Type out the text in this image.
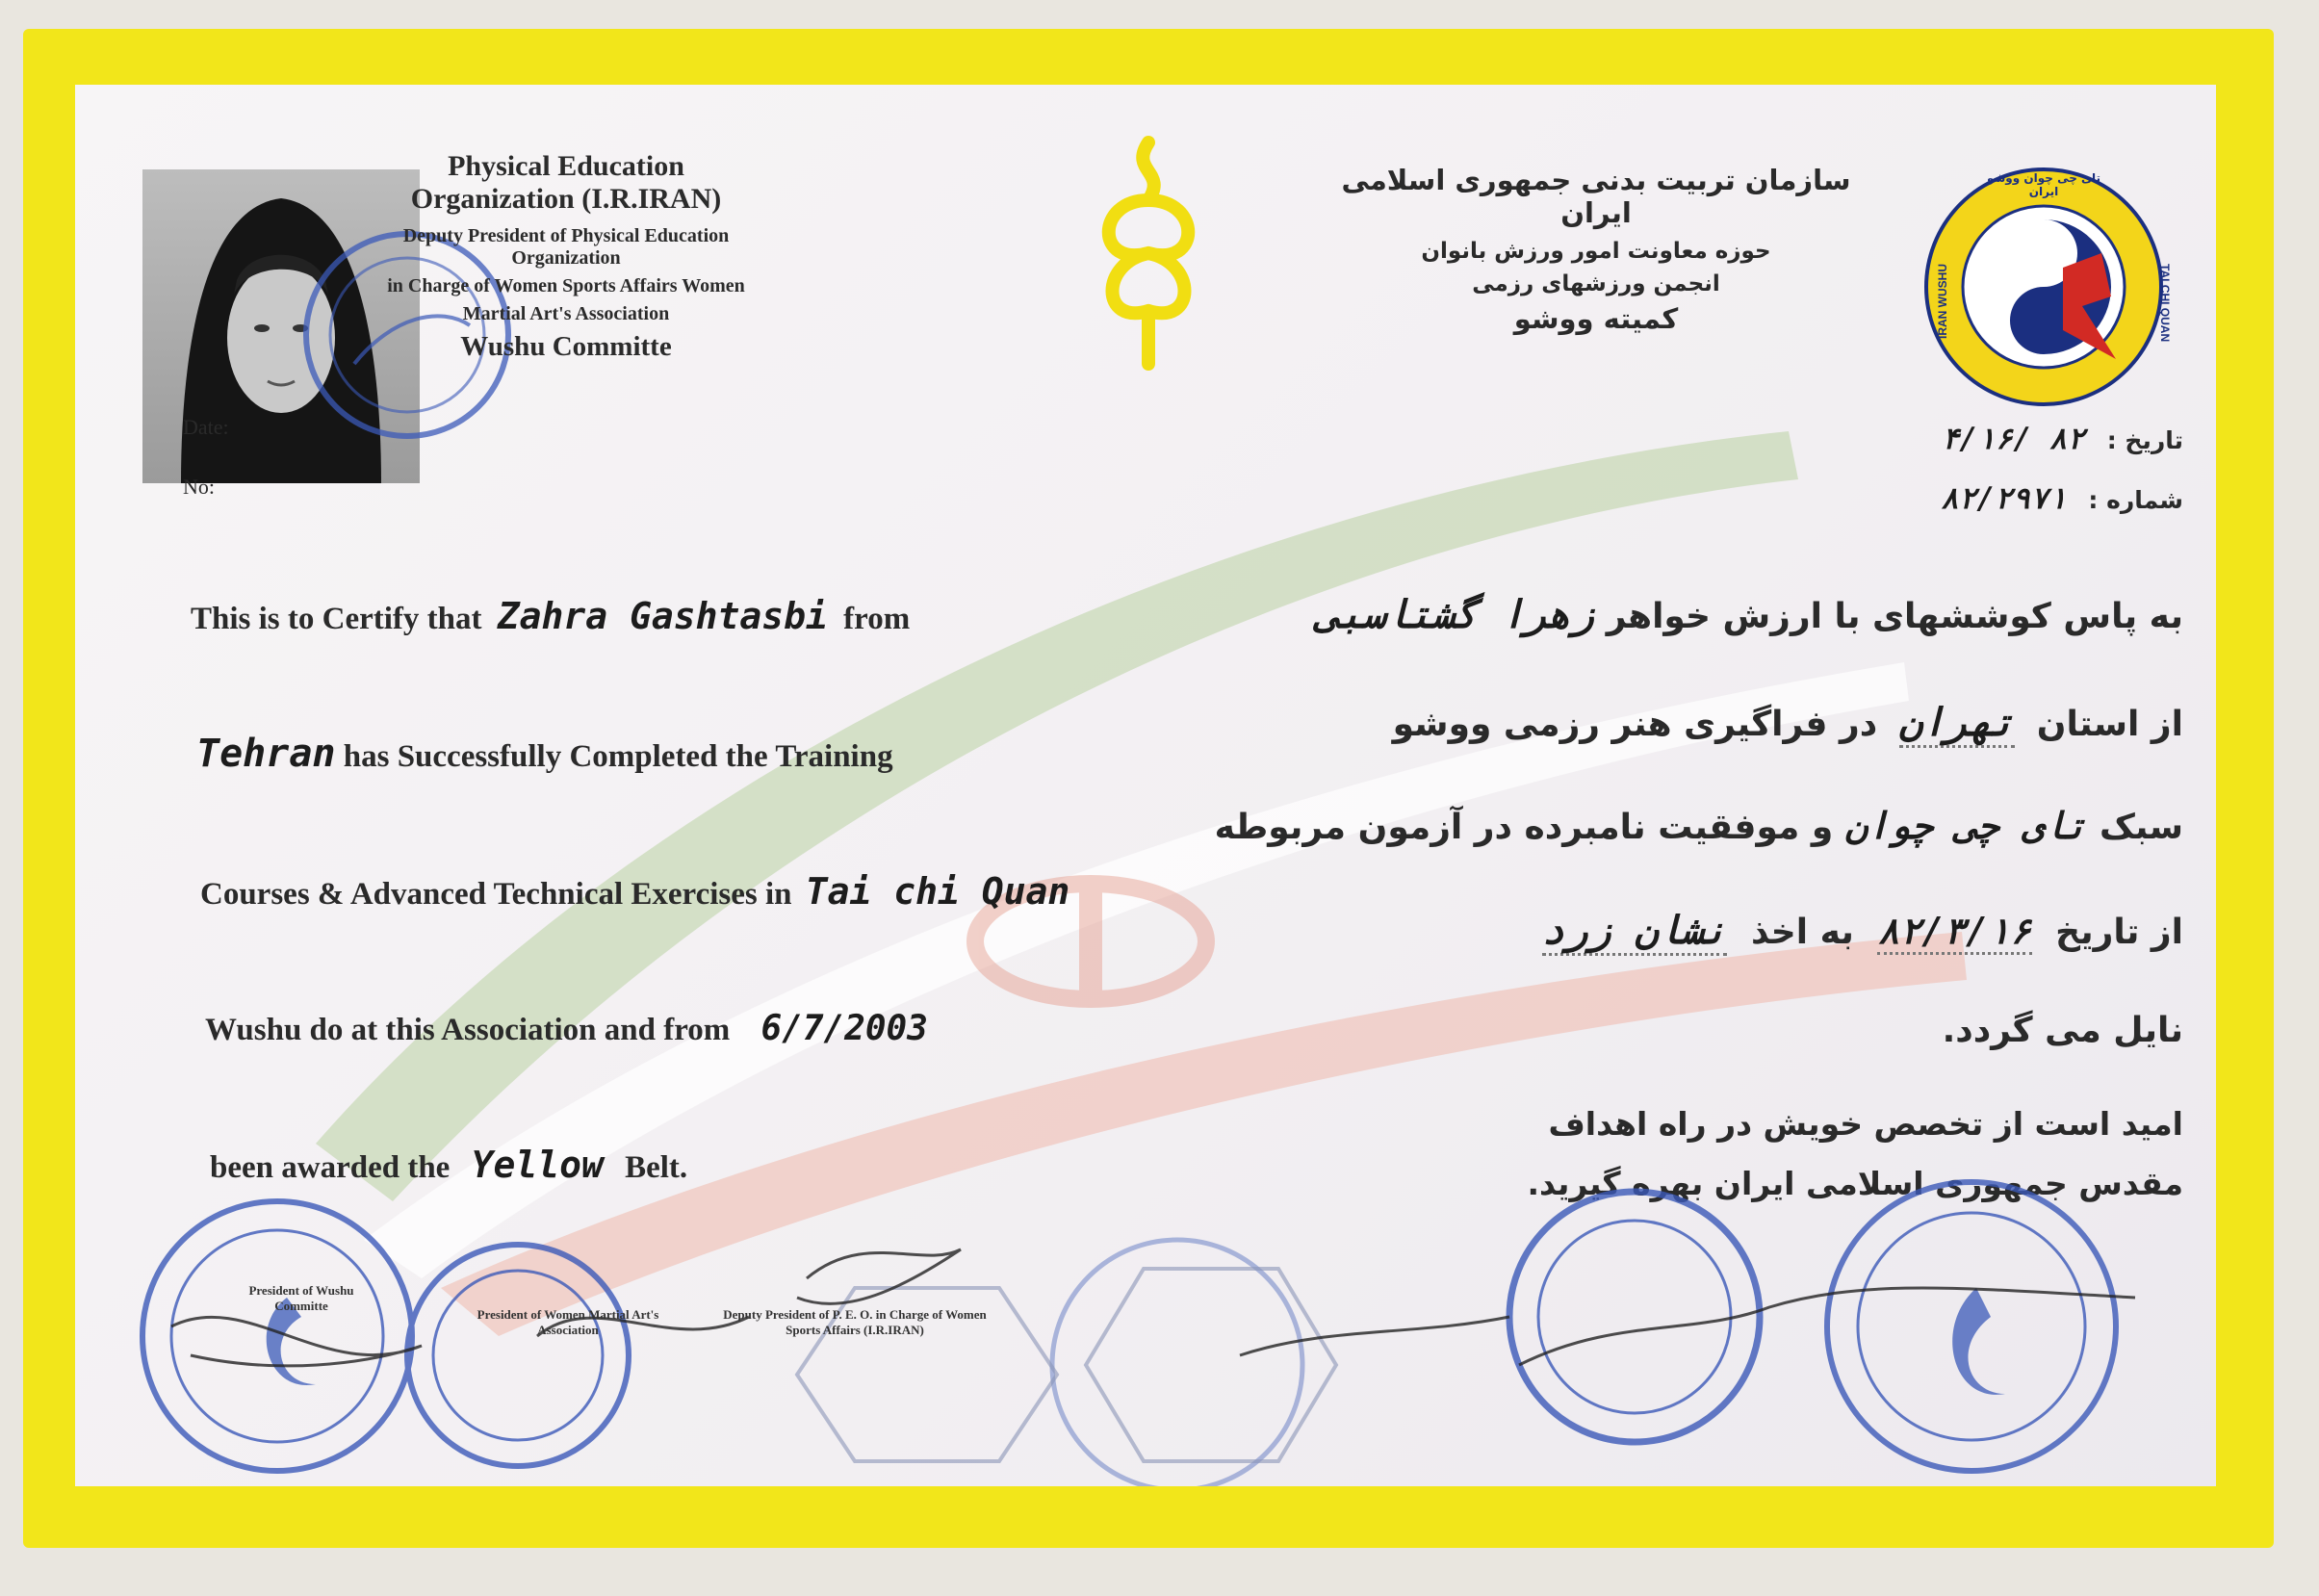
Physical Education Organization (I.R.IRAN)
Deputy President of Physical Education Organization
in Charge of Women Sports Affairs Women
Martial Art's Association
Wushu Committe
Date:
No:
سازمان تربیت بدنی جمهوری اسلامی ایران
حوزه معاونت امور ورزش بانوان
انجمن ورزشهای رزمی
کمیته ووشو	IRAN WUSHU	TAI CHI QUAN
تای چی چوان ووشو ایران
تاریخ : ۸۲ /۴/۱۶
شماره : ۸۲/۲۹۷۱
This is to Certify that Zahra Gashtasbi from
Tehran has Successfully Completed the Training
Courses & Advanced Technical Exercises in Tai chi Quan
Wushu do at this Association and from 6/7/2003
been awarded the Yellow Belt.
به پاس کوششهای با ارزش خواهر زهرا گشتاسبی
از استان تهران در فراگیری هنر رزمی ووشو
سبک تای چی چوان و موفقیت نامبرده در آزمون مربوطه
از تاریخ ۸۲/۳/۱۶ به اخذ نشان زرد
نایل می گردد.
امید است از تخصص خویش در راه اهداف
مقدس جمهوری اسلامی ایران بهره گیرید.
President of Wushu Committe
President of Women Martial Art's Association
Deputy President of P. E. O. in Charge of Women Sports Affairs (I.R.IRAN)
